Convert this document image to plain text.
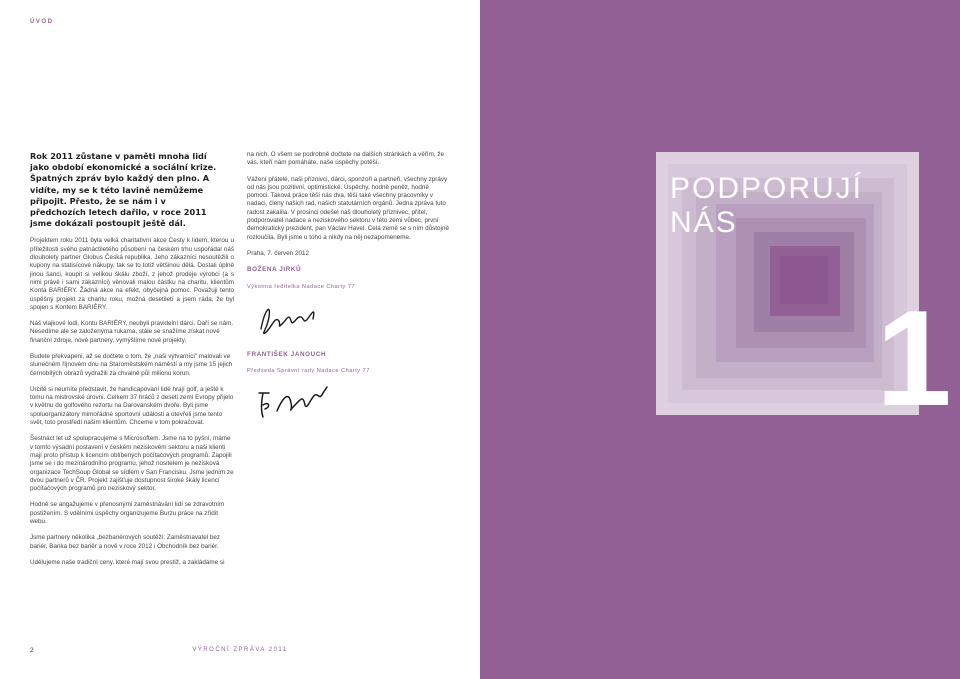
ÚVOD

Rok 2011 zůstane v paměti mnoha lidí jako období ekonomické a sociální krize. Špatných zpráv bylo každý den plno. A vidíte, my se k této lavině nemůžeme připojit. Přesto, že se nám i v předchozích letech dařilo, v roce 2011 jsme dokázali postoupit ještě dál.

Projektem roku 2011 byla velká charitativní akce Cesty k lidem, kterou u příležitosti svého patnáctiletého působení na českém trhu uspořádal náš dlouholetý partner Globus Česká republika. Jeho zákazníci nesoutěžili o kupony na statisícové nákupy, tak se to totiž většinou dělá. Dostali úplně jinou šanci, koupit si velikou škálu zboží, z jehož prodeje výrobci (a s nimi právě i sami zákazníci) věnovali malou částku na charitu, klientům Konta BARIÉRY. Žádná akce na efekt, obyčejná pomoc. Považuji tento úspěšný projekt za charitu roku, možná desetiletí a jsem ráda, že byl spojen s Kontem BARIÉRY.

Náš vlajkové lodi, Kontu BARIÉRY, neubyli pravidelní dárci. Daří se nám. Nesedíme ale se založenýma rukama, stále se snažíme získat nové finanční zdroje, nové partnery, vymýšlíme nové projekty.

Budete překvapeni, až se dočtete o tom, že „naši výtvarníci“ malovali ve slunečném říjnovém dnu na Staroměstském náměstí a my jsme 15 jejich černobílých obrazů vydražili za chvalně půl milionu korun.

Určitě si neumíte představit, že handicapovaní lidé hrají golf, a ještě k tomu na mistrovské úrovni. Celkem 37 hráčů z deseti zemí Evropy přijelo v květnu do golfového rezortu na Darovanském dvoře. Byli jsme spoluorganizátory mimořádné sportovní události a otevřeli jsme tento svět, toto prostředí našim klientům. Chceme v tom pokračovat.

Šestnáct let už spolupracujeme s Microsoftem. Jsme na to pyšní, máme v tomto výsadní postavení v českém neziskovém sektoru a naši klienti mají proto přístup k licencím oblíbených počítačových programů. Zapojili jsme se i do mezinárodního programu, jehož nositelem je nezisková organizace TechSoup Global se sídlem v San Francisku. Jsme jedním ze dvou partnerů v ČR. Projekt zajišťuje dostupnost široké škály licencí počítačových programů pro neziskový sektor.

Hodně se angažujeme v přenosnými zaměstnávání lidí se zdravotním postižením. S vdělními úspěchy organizujeme Burzu práce na zřídit webu.

Jsme partnery několika „bezbariérových soutěží: Zaměstnavatel bez bariér, Banka bez bariér a nově v roce 2012 i Obchodník bez bariér.

Udělujeme naše tradiční ceny, které mají svou prestiž, a zakládáme si

na nich. O všem se podrobně dočtete na dalších stránkách a věřím, že vás, kteří nám pomáháte, naše úspěchy potěší.

Vážení přátelé, naši příznivci, dárci, sponzoři a partneři, všechny zprávy od nás jsou pozitivní, optimistické. Úspěchy, hodně peněz, hodně pomoci. Taková práce těší nás dva, těší také všechny pracovníky v nadaci, členy našich rad, našich statutárních orgánů. Jedna zpráva tuto radost zakalila. V prosinci odešel náš dlouholetý příznivec, přítel, podporovatel nadace a neziskového sektoru v této zemi vůbec, první demokratický prezident, pan Václav Havel. Celá země se s ním důstojně rozloučila. Byli jsme u toho a nikdy na něj nezapomeneme.

Praha, 7. červen 2012

BOŽENA JIRKŮ

Výkonná ředitelka Nadace Charty 77

FRANTIŠEK JANOUCH

Předseda Správní rady Nadace Charty 77

2	VÝROČNÍ ZPRÁVA 2011
PODPORUJÍ
NÁS
1
